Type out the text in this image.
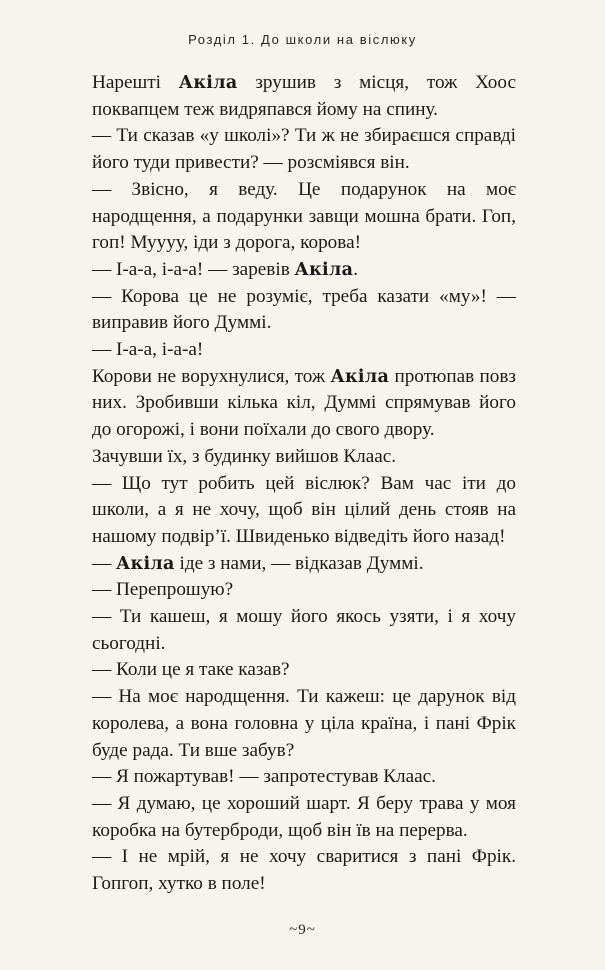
Розділ 1. До школи на віслюку

Нарешті Акіла зрушив з місця, тож Хоос поквапцем теж видряпався йому на спину.

— Ти сказав «у школі»? Ти ж не збираєшся справді його туди привести? — розсміявся він.

— Звісно, я веду. Це подарунок на моє народщення, а подарунки завщи мошна брати. Гоп, гоп! Муууу, іди з дорога, корова!

— І-а-а, і-а-а! — заревів Акіла.

— Корова це не розуміє, треба казати «му»! — виправив його Думмі.

— І-а-а, і-а-а!

Корови не ворухнулися, тож Акіла протюпав повз них. Зробивши кілька кіл, Думмі спрямував його до огорожі, і вони поїхали до свого двору.

Зачувши їх, з будинку вийшов Клаас.

— Що тут робить цей віслюк? Вам час іти до школи, а я не хочу, щоб він цілий день стояв на нашому подвір’ї. Швиденько відведіть його назад!

— Акіла іде з нами, — відказав Думмі.

— Перепрошую?

— Ти кашеш, я мошу його якось узяти, і я хочу сьогодні.

— Коли це я таке казав?

— На моє народщення. Ти кажеш: це дарунок від королева, а вона головна у ціла країна, і пані Фрік буде рада. Ти вше забув?

— Я пожартував! — запротестував Клаас.

— Я думаю, це хороший шарт. Я беру трава у моя коробка на бутерброди, щоб він їв на перерва.

— І не мрій, я не хочу сваритися з пані Фрік. Гопгоп, хутко в поле!

~9~
